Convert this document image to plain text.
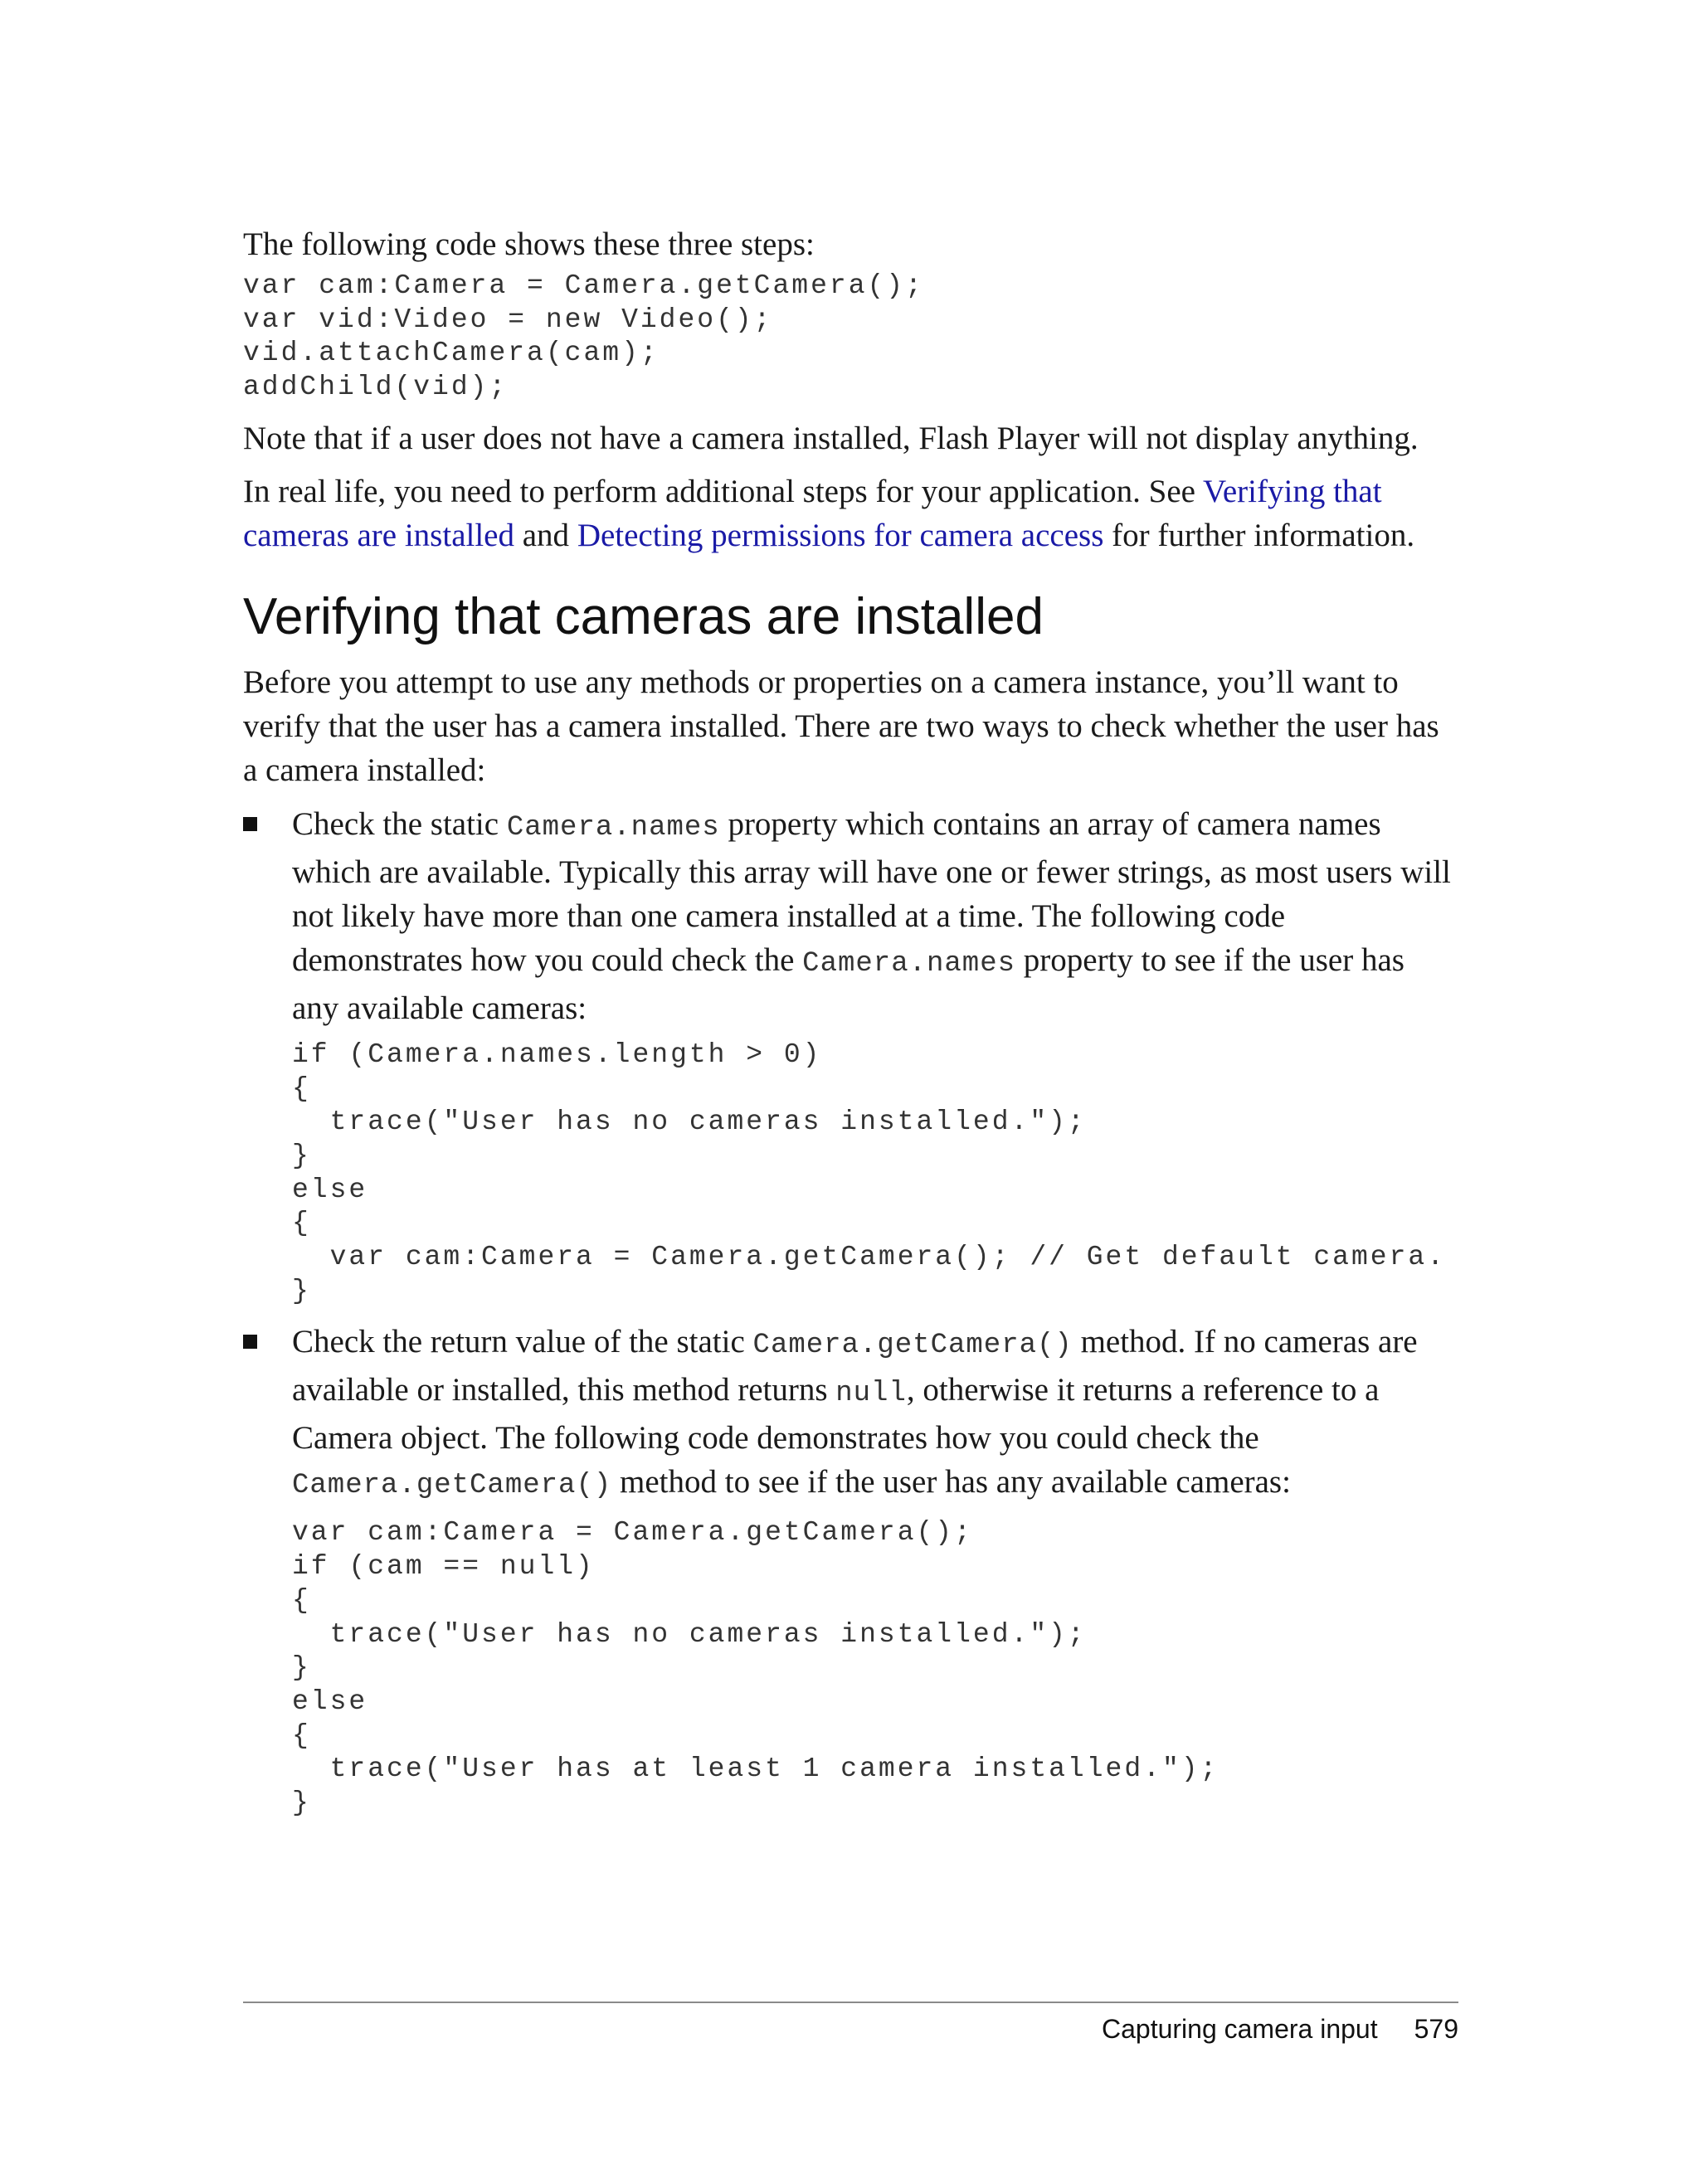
The following code shows these three steps:

var cam:Camera = Camera.getCamera();
var vid:Video = new Video();
vid.attachCamera(cam);
addChild(vid);

Note that if a user does not have a camera installed, Flash Player will not display anything.

In real life, you need to perform additional steps for your application. See Verifying that cameras are installed and Detecting permissions for camera access for further information.

Verifying that cameras are installed

Before you attempt to use any methods or properties on a camera instance, you’ll want to verify that the user has a camera installed. There are two ways to check whether the user has a camera installed:

Check the static Camera.names property which contains an array of camera names which are available. Typically this array will have one or fewer strings, as most users will not likely have more than one camera installed at a time. The following code demonstrates how you could check the Camera.names property to see if the user has any available cameras:

if (Camera.names.length > 0)
{
trace("User has no cameras installed.");
}
else
{
var cam:Camera = Camera.getCamera(); // Get default camera.
}

Check the return value of the static Camera.getCamera() method. If no cameras are available or installed, this method returns null, otherwise it returns a reference to a Camera object. The following code demonstrates how you could check the Camera.getCamera() method to see if the user has any available cameras:

var cam:Camera = Camera.getCamera();
if (cam == null)
{
trace("User has no cameras installed.");
}
else
{
trace("User has at least 1 camera installed.");
}
Capturing camera input 579
